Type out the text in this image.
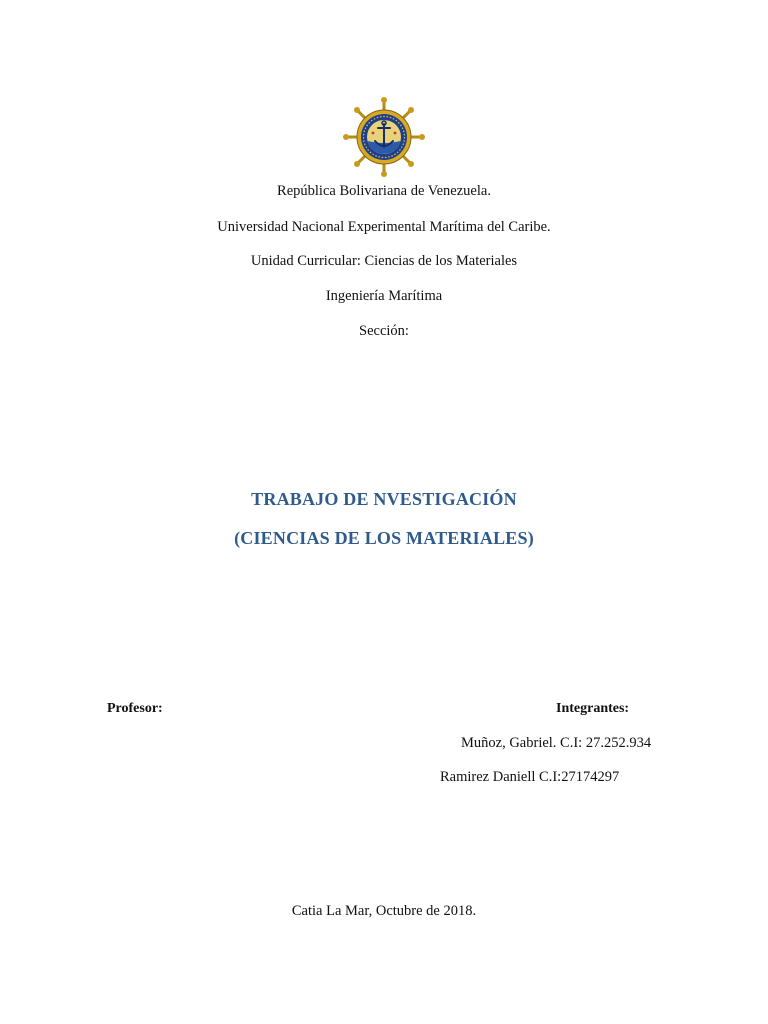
República Bolivariana de Venezuela.
Universidad Nacional Experimental Marítima del Caribe.
Unidad Curricular: Ciencias de los Materiales
Ingeniería Marítima
Sección:
TRABAJO DE NVESTIGACIÓN
(CIENCIAS DE LOS MATERIALES)
Profesor:	Integrantes:
Muñoz, Gabriel. C.I: 27.252.934
Ramirez Daniell C.I:27174297
Catia La Mar, Octubre de 2018.
